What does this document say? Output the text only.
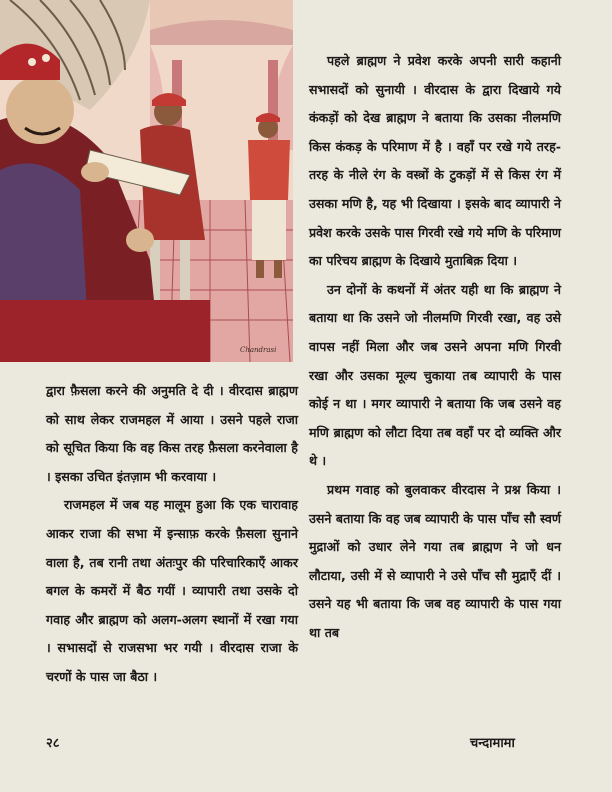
Chandrasi

पहले ब्राह्मण ने प्रवेश करके अपनी सारी कहानी सभासदों को सुनायी । वीरदास के द्वारा दिखाये गये कंकड़ों को देख ब्राह्मण ने बताया कि उसका नीलमणि किस कंकड़ के परिमाण में है । वहाँ पर रखे गये तरह-तरह के नीले रंग के वस्त्रों के टुकड़ों में से किस रंग में उसका मणि है, यह भी दिखाया । इसके बाद व्यापारी ने प्रवेश करके उसके पास गिरवी रखे गये मणि के परिमाण का परिचय ब्राह्मण के दिखाये मुताबिक़ दिया ।

उन दोनों के कथनों में अंतर यही था कि ब्राह्मण ने बताया था कि उसने जो नीलमणि गिरवी रखा, वह उसे वापस नहीं मिला और जब उसने अपना मणि गिरवी रखा और उसका मूल्य चुकाया तब व्यापारी के पास कोई न था । मगर व्यापारी ने बताया कि जब उसने वह मणि ब्राह्मण को लौटा दिया तब वहाँ पर दो व्यक्ति और थे ।

प्रथम गवाह को बुलवाकर वीरदास ने प्रश्न किया । उसने बताया कि वह जब व्यापारी के पास पाँच सौ स्वर्ण मुद्राओं को उधार लेने गया तब ब्राह्मण ने जो धन लौटाया, उसी में से व्यापारी ने उसे पाँच सौ मुद्राएँ दीं । उसने यह भी बताया कि जब वह व्यापारी के पास गया था तब

द्वारा फ़ैसला करने की अनुमति दे दी । वीरदास ब्राह्मण को साथ लेकर राजमहल में आया । उसने पहले राजा को सूचित किया कि वह किस तरह फ़ैसला करनेवाला है । इसका उचित इंतज़ाम भी करवाया ।

राजमहल में जब यह मालूम हुआ कि एक चारावाह आकर राजा की सभा में इन्साफ़ करके फ़ैसला सुनाने वाला है, तब रानी तथा अंतःपुर की परिचारिकाएँ आकर बगल के कमरों में बैठ गयीं । व्यापारी तथा उसके दो गवाह और ब्राह्मण को अलग-अलग स्थानों में रखा गया । सभासदों से राजसभा भर गयी । वीरदास राजा के चरणों के पास जा बैठा ।

२८	चन्दामामा
